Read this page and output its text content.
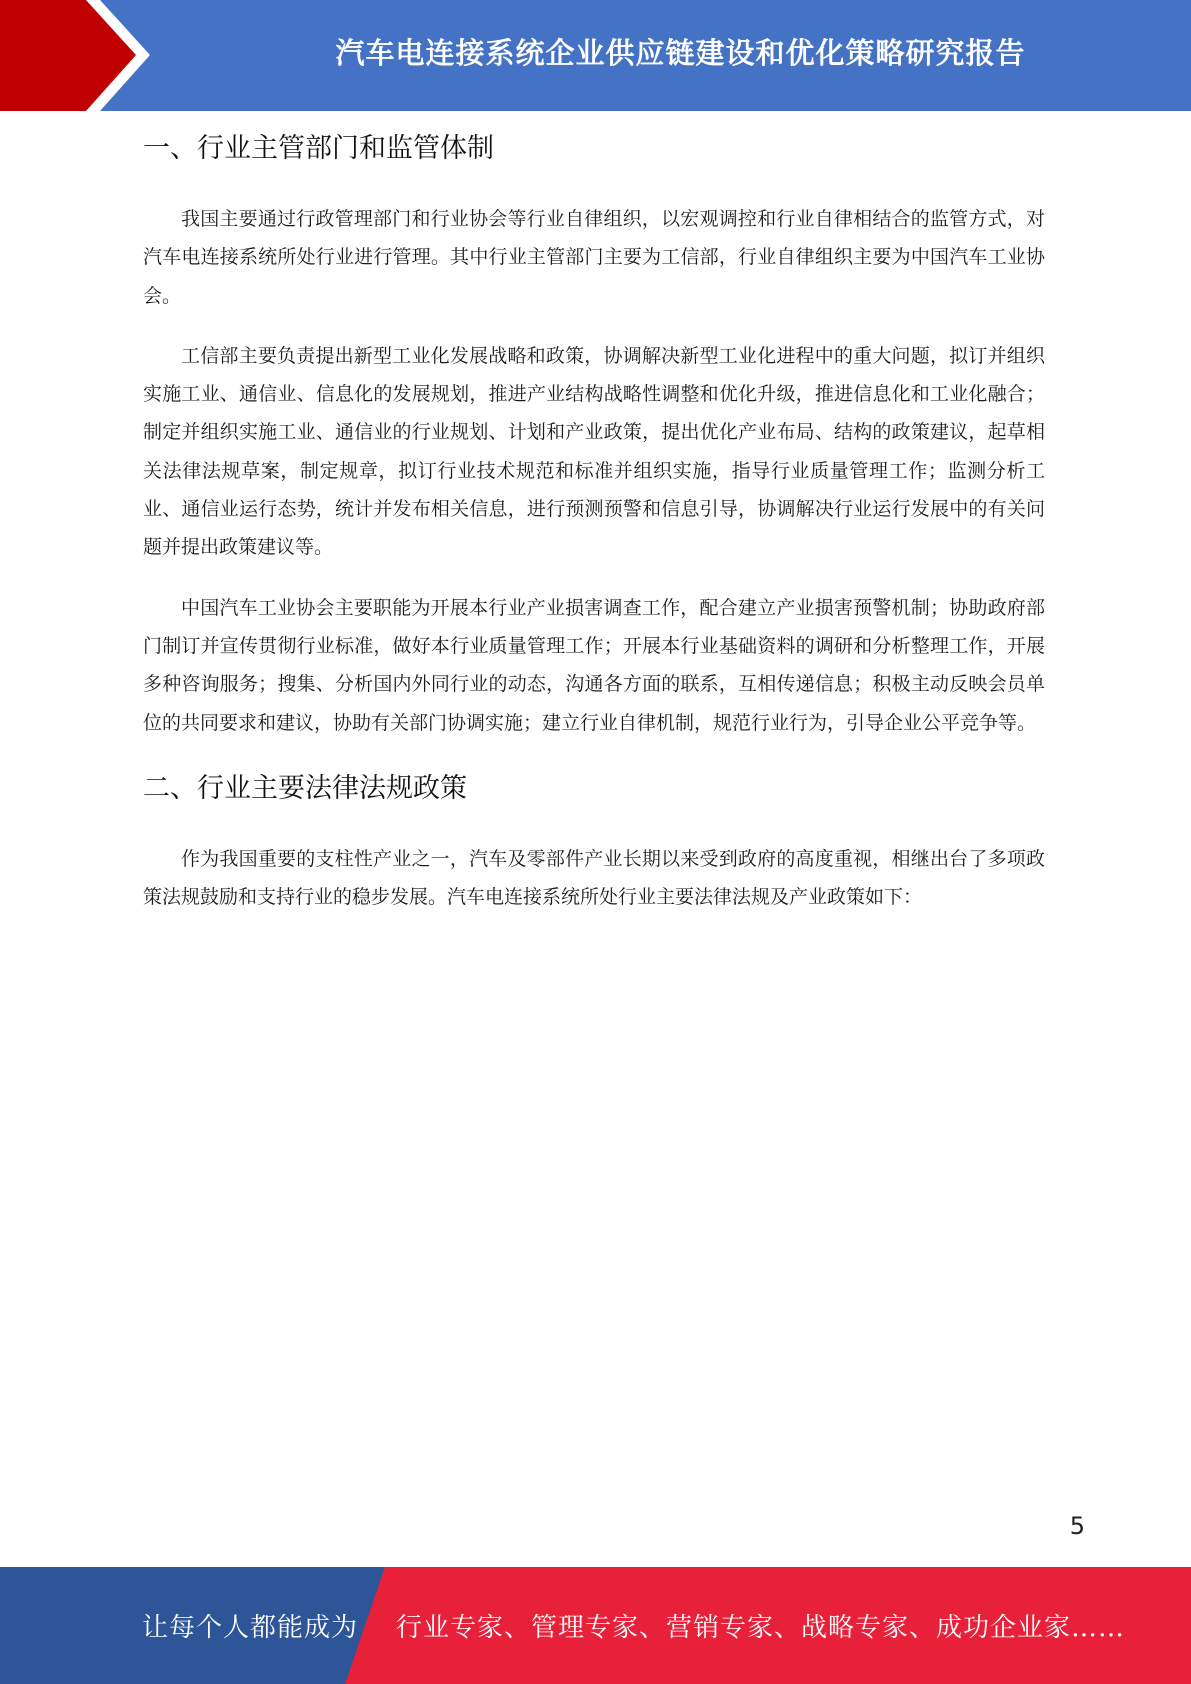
汽车电连接系统企业供应链建设和优化策略研究报告
一、行业主管部门和监管体制

我国主要通过行政管理部门和行业协会等行业自律组织，以宏观调控和行业自律相结合的监管方式，对汽车电连接系统所处行业进行管理。其中行业主管部门主要为工信部，行业自律组织主要为中国汽车工业协会。

工信部主要负责提出新型工业化发展战略和政策，协调解决新型工业化进程中的重大问题，拟订并组织实施工业、通信业、信息化的发展规划，推进产业结构战略性调整和优化升级，推进信息化和工业化融合；制定并组织实施工业、通信业的行业规划、计划和产业政策，提出优化产业布局、结构的政策建议，起草相关法律法规草案，制定规章，拟订行业技术规范和标准并组织实施，指导行业质量管理工作；监测分析工业、通信业运行态势，统计并发布相关信息，进行预测预警和信息引导，协调解决行业运行发展中的有关问题并提出政策建议等。

中国汽车工业协会主要职能为开展本行业产业损害调查工作，配合建立产业损害预警机制；协助政府部门制订并宣传贯彻行业标准，做好本行业质量管理工作；开展本行业基础资料的调研和分析整理工作，开展多种咨询服务；搜集、分析国内外同行业的动态，沟通各方面的联系，互相传递信息；积极主动反映会员单位的共同要求和建议，协助有关部门协调实施；建立行业自律机制，规范行业行为，引导企业公平竞争等。

二、行业主要法律法规政策

作为我国重要的支柱性产业之一，汽车及零部件产业长期以来受到政府的高度重视，相继出台了多项政策法规鼓励和支持行业的稳步发展。汽车电连接系统所处行业主要法律法规及产业政策如下：

5
让每个人都能成为 行业专家、管理专家、营销专家、战略专家、成功企业家……
